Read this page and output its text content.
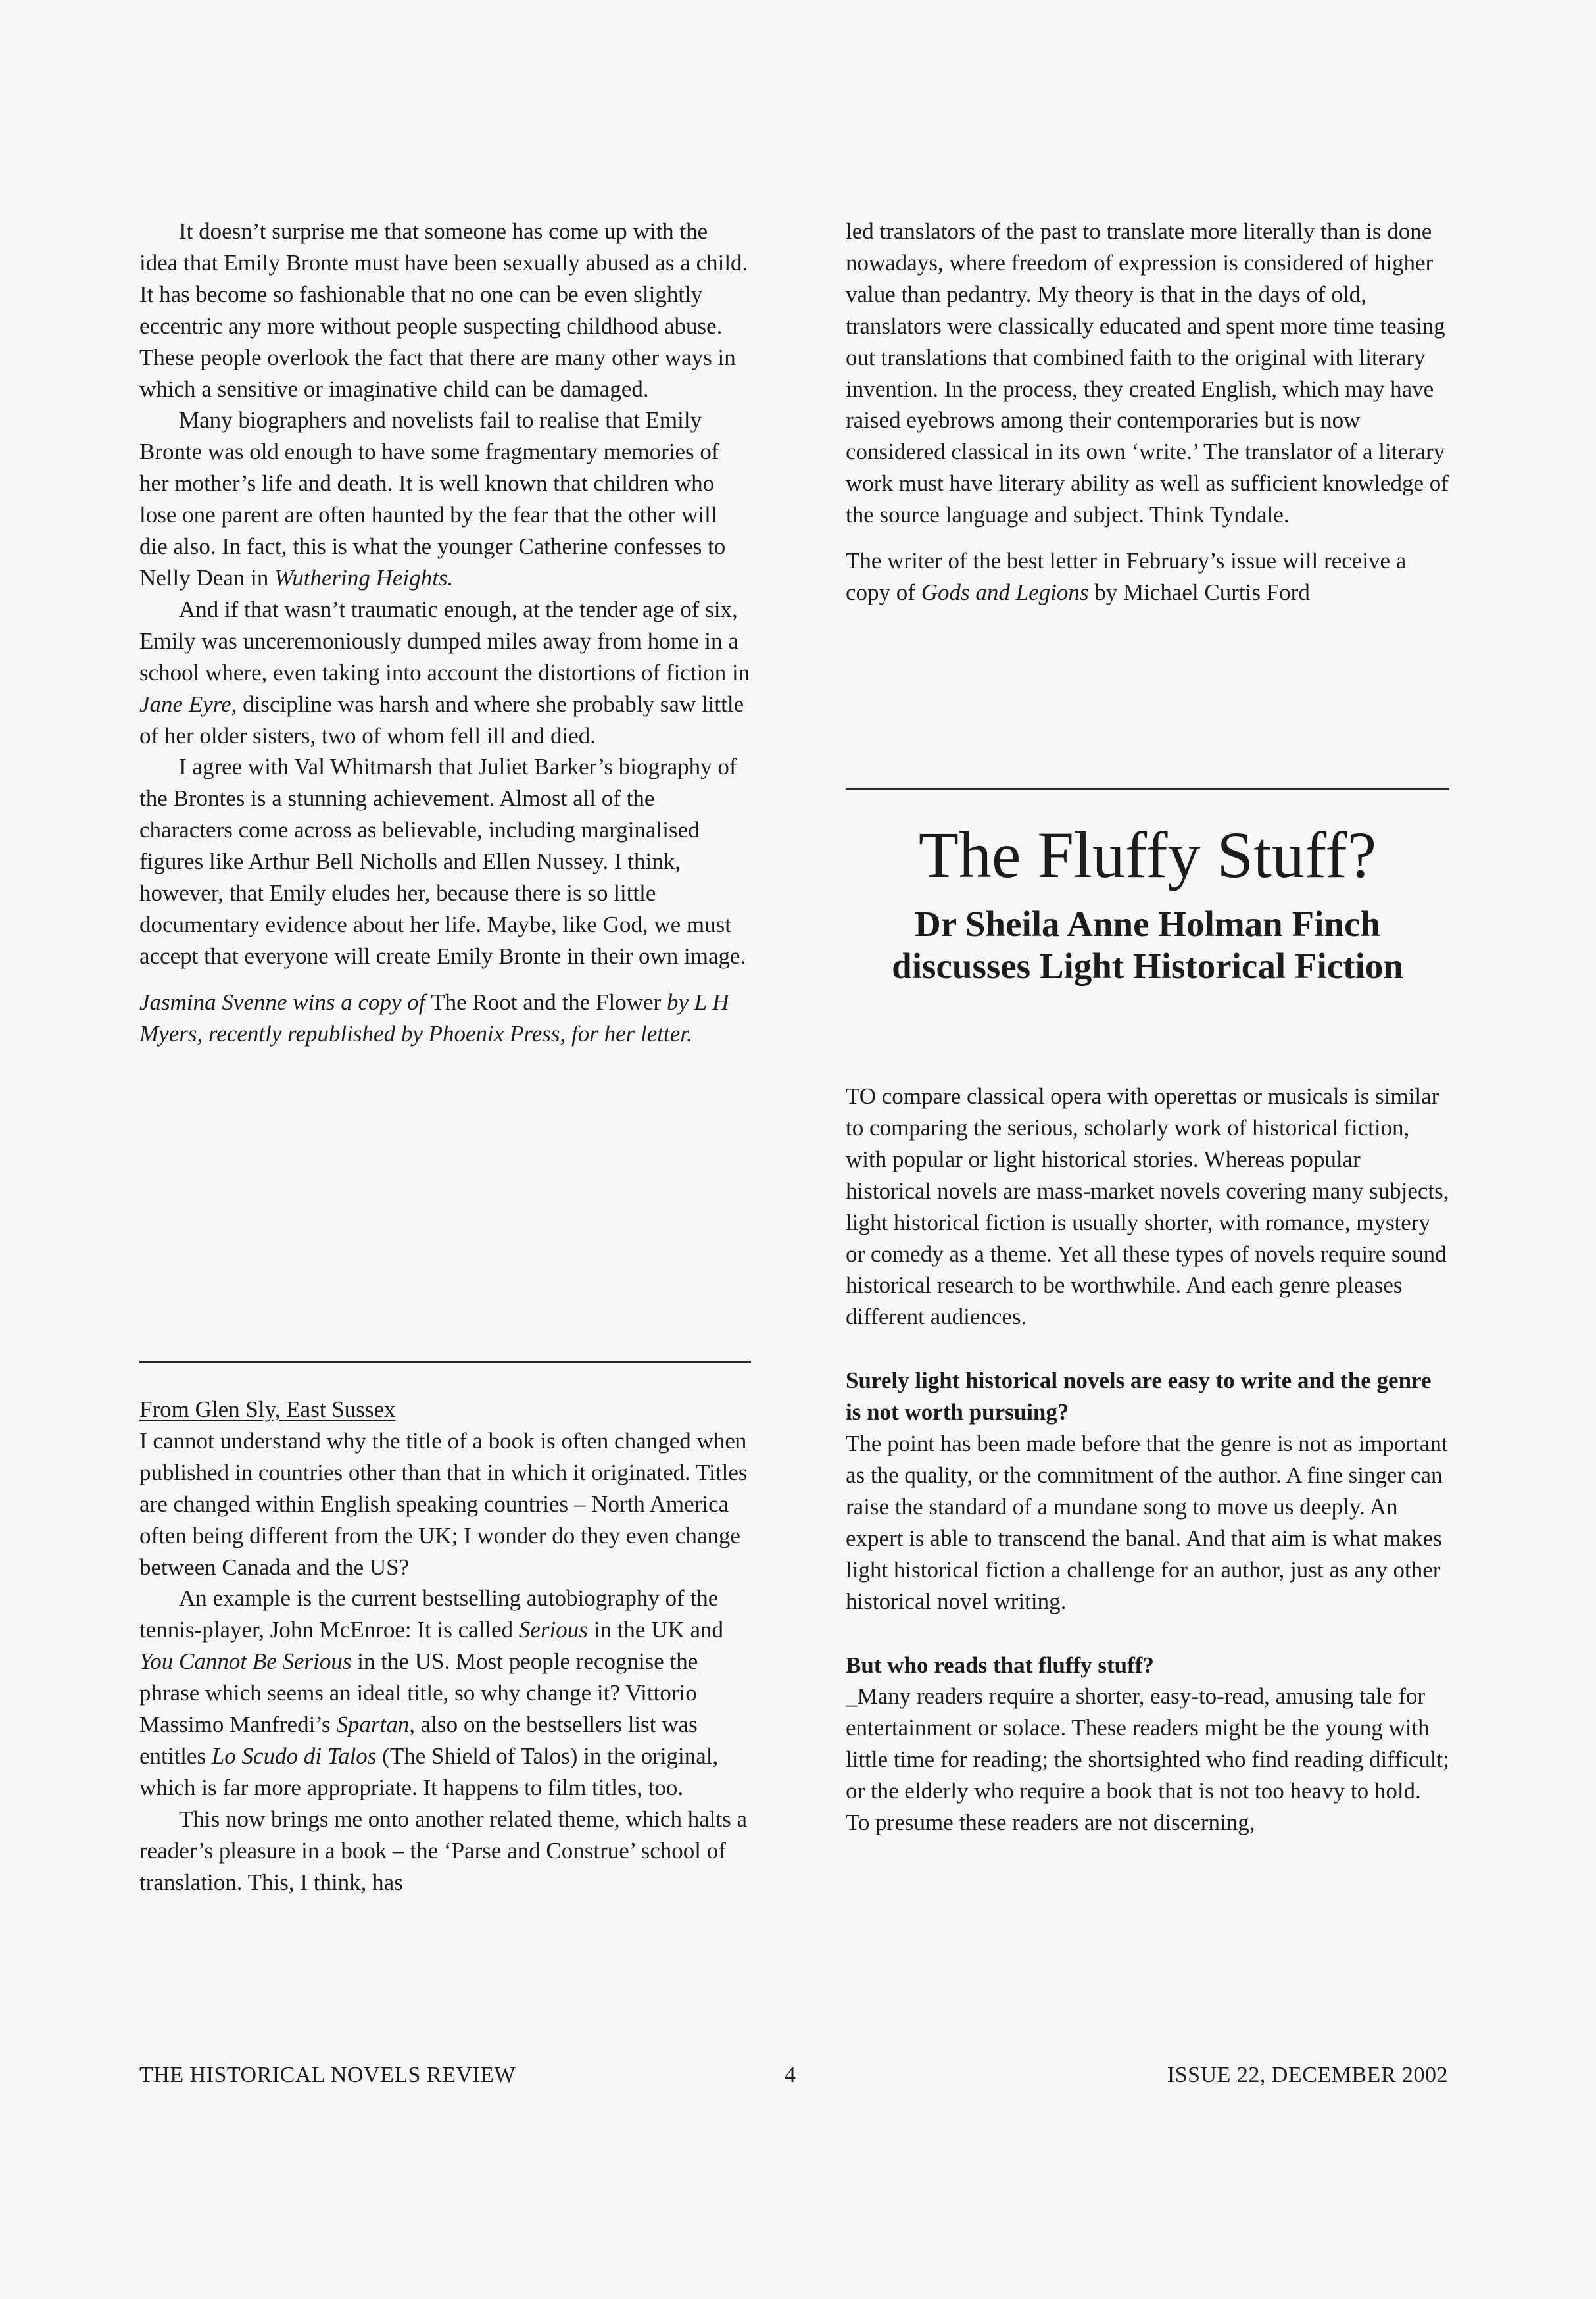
It doesn’t surprise me that someone has come up with the idea that Emily Bronte must have been sexually abused as a child. It has become so fashionable that no one can be even slightly eccentric any more without people suspecting childhood abuse. These people overlook the fact that there are many other ways in which a sensitive or imaginative child can be damaged.

Many biographers and novelists fail to realise that Emily Bronte was old enough to have some fragmentary memories of her mother’s life and death. It is well known that children who lose one parent are often haunted by the fear that the other will die also. In fact, this is what the younger Catherine confesses to Nelly Dean in Wuthering Heights.

And if that wasn’t traumatic enough, at the tender age of six, Emily was unceremoniously dumped miles away from home in a school where, even taking into account the distortions of fiction in Jane Eyre, discipline was harsh and where she probably saw little of her older sisters, two of whom fell ill and died.

I agree with Val Whitmarsh that Juliet Barker’s biography of the Brontes is a stunning achievement. Almost all of the characters come across as believable, including marginalised figures like Arthur Bell Nicholls and Ellen Nussey. I think, however, that Emily eludes her, because there is so little documentary evidence about her life. Maybe, like God, we must accept that everyone will create Emily Bronte in their own image.

Jasmina Svenne wins a copy of The Root and the Flower by L H Myers, recently republished by Phoenix Press, for her letter.

From Glen Sly, East Sussex

I cannot understand why the title of a book is often changed when published in countries other than that in which it originated. Titles are changed within English speaking countries – North America often being different from the UK; I wonder do they even change between Canada and the US?

An example is the current bestselling autobiography of the tennis-player, John McEnroe: It is called Serious in the UK and You Cannot Be Serious in the US. Most people recognise the phrase which seems an ideal title, so why change it? Vittorio Massimo Manfredi’s Spartan, also on the bestsellers list was entitles Lo Scudo di Talos (The Shield of Talos) in the original, which is far more appropriate. It happens to film titles, too.

This now brings me onto another related theme, which halts a reader’s pleasure in a book – the ‘Parse and Construe’ school of translation. This, I think, has

led translators of the past to translate more literally than is done nowadays, where freedom of expression is considered of higher value than pedantry. My theory is that in the days of old, translators were classically educated and spent more time teasing out translations that combined faith to the original with literary invention. In the process, they created English, which may have raised eyebrows among their contemporaries but is now considered classical in its own ‘write.’ The translator of a literary work must have literary ability as well as sufficient knowledge of the source language and subject. Think Tyndale.

The writer of the best letter in February’s issue will receive a copy of Gods and Legions by Michael Curtis Ford

The Fluffy Stuff?
Dr Sheila Anne Holman Finch discusses Light Historical Fiction

TO compare classical opera with operettas or musicals is similar to comparing the serious, scholarly work of historical fiction, with popular or light historical stories. Whereas popular historical novels are mass-market novels covering many subjects, light historical fiction is usually shorter, with romance, mystery or comedy as a theme. Yet all these types of novels require sound historical research to be worthwhile. And each genre pleases different audiences.

Surely light historical novels are easy to write and the genre is not worth pursuing?

The point has been made before that the genre is not as important as the quality, or the commitment of the author. A fine singer can raise the standard of a mundane song to move us deeply. An expert is able to transcend the banal. And that aim is what makes light historical fiction a challenge for an author, just as any other historical novel writing.

But who reads that fluffy stuff?

_Many readers require a shorter, easy-to-read, amusing tale for entertainment or solace. These readers might be the young with little time for reading; the shortsighted who find reading difficult; or the elderly who require a book that is not too heavy to hold. To presume these readers are not discerning,

THE HISTORICAL NOVELS REVIEW	4	ISSUE 22, DECEMBER 2002
